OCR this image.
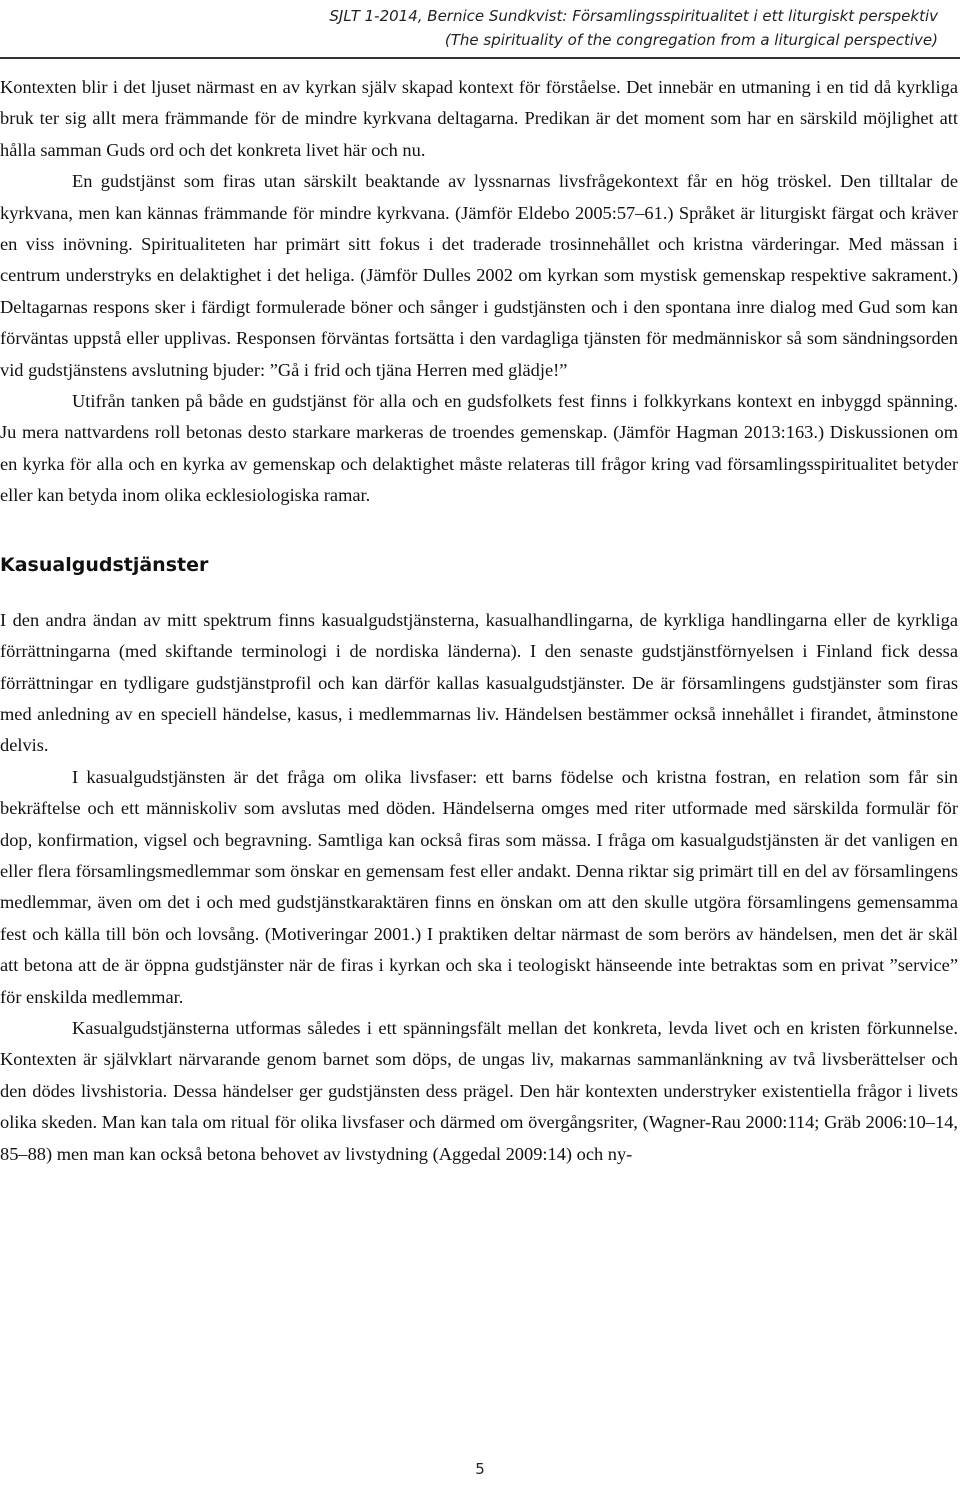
SJLT 1-2014, Bernice Sundkvist: Församlingsspiritualitet i ett liturgiskt perspektiv
(The spirituality of the congregation from a liturgical perspective)

Kontexten blir i det ljuset närmast en av kyrkan själv skapad kontext för förståelse. Det innebär en utmaning i en tid då kyrkliga bruk ter sig allt mera främmande för de mindre kyrkvana deltagarna. Predikan är det moment som har en särskild möjlighet att hålla samman Guds ord och det konkreta livet här och nu.

En gudstjänst som firas utan särskilt beaktande av lyssnarnas livsfrågekontext får en hög tröskel. Den tilltalar de kyrkvana, men kan kännas främmande för mindre kyrkvana. (Jämför Eldebo 2005:57–61.) Språket är liturgiskt färgat och kräver en viss inövning. Spiritualiteten har primärt sitt fokus i det traderade trosinnehållet och kristna värderingar. Med mässan i centrum understryks en delaktighet i det heliga. (Jämför Dulles 2002 om kyrkan som mystisk gemenskap respektive sakrament.) Deltagarnas respons sker i färdigt formulerade böner och sånger i gudstjänsten och i den spontana inre dialog med Gud som kan förväntas uppstå eller upplivas. Responsen förväntas fortsätta i den vardagliga tjänsten för medmänniskor så som sändningsorden vid gudstjänstens avslutning bjuder: ”Gå i frid och tjäna Herren med glädje!”

Utifrån tanken på både en gudstjänst för alla och en gudsfolkets fest finns i folkkyrkans kontext en inbyggd spänning. Ju mera nattvardens roll betonas desto starkare markeras de troendes gemenskap. (Jämför Hagman 2013:163.) Diskussionen om en kyrka för alla och en kyrka av gemenskap och delaktighet måste relateras till frågor kring vad församlingsspiritualitet betyder eller kan betyda inom olika ecklesiologiska ramar.

Kasualgudstjänster

I den andra ändan av mitt spektrum finns kasualgudstjänsterna, kasualhandlingarna, de kyrkliga handlingarna eller de kyrkliga förrättningarna (med skiftande terminologi i de nordiska länderna). I den senaste gudstjänstförnyelsen i Finland fick dessa förrättningar en tydligare gudstjänstprofil och kan därför kallas kasualgudstjänster. De är församlingens gudstjänster som firas med anledning av en speciell händelse, kasus, i medlemmarnas liv. Händelsen bestämmer också innehållet i firandet, åtminstone delvis.

I kasualgudstjänsten är det fråga om olika livsfaser: ett barns födelse och kristna fostran, en relation som får sin bekräftelse och ett människoliv som avslutas med döden. Händelserna omges med riter utformade med särskilda formulär för dop, konfirmation, vigsel och begravning. Samtliga kan också firas som mässa. I fråga om kasualgudstjänsten är det vanligen en eller flera församlingsmedlemmar som önskar en gemensam fest eller andakt. Denna riktar sig primärt till en del av församlingens medlemmar, även om det i och med gudstjänstkaraktären finns en önskan om att den skulle utgöra församlingens gemensamma fest och källa till bön och lovsång. (Motiveringar 2001.) I praktiken deltar närmast de som berörs av händelsen, men det är skäl att betona att de är öppna gudstjänster när de firas i kyrkan och ska i teologiskt hänseende inte betraktas som en privat ”service” för enskilda medlemmar.

Kasualgudstjänsterna utformas således i ett spänningsfält mellan det konkreta, levda livet och en kristen förkunnelse. Kontexten är självklart närvarande genom barnet som döps, de ungas liv, makarnas sammanlänkning av två livsberättelser och den dödes livshistoria. Dessa händelser ger gudstjänsten dess prägel. Den här kontexten understryker existentiella frågor i livets olika skeden. Man kan tala om ritual för olika livsfaser och därmed om övergångsriter, (Wagner-Rau 2000:114; Gräb 2006:10–14, 85–88) men man kan också betona behovet av livstydning (Aggedal 2009:14) och ny-

5
